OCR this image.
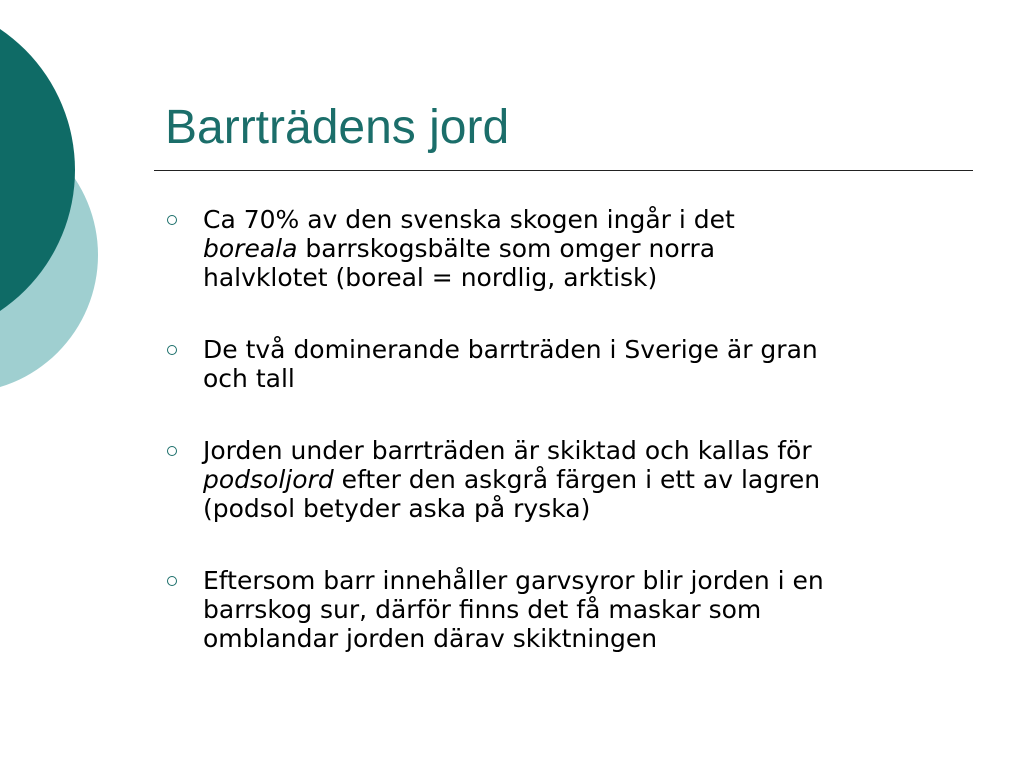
Barrträdens jord
Ca 70% av den svenska skogen ingår i det
boreala barrskogsbälte som omger norra
halvklotet (boreal = nordlig, arktisk)
De två dominerande barrträden i Sverige är gran
och tall
Jorden under barrträden är skiktad och kallas för
podsoljord efter den askgrå färgen i ett av lagren
(podsol betyder aska på ryska)
Eftersom barr innehåller garvsyror blir jorden i en
barrskog sur, därför finns det få maskar som
omblandar jorden därav skiktningen
